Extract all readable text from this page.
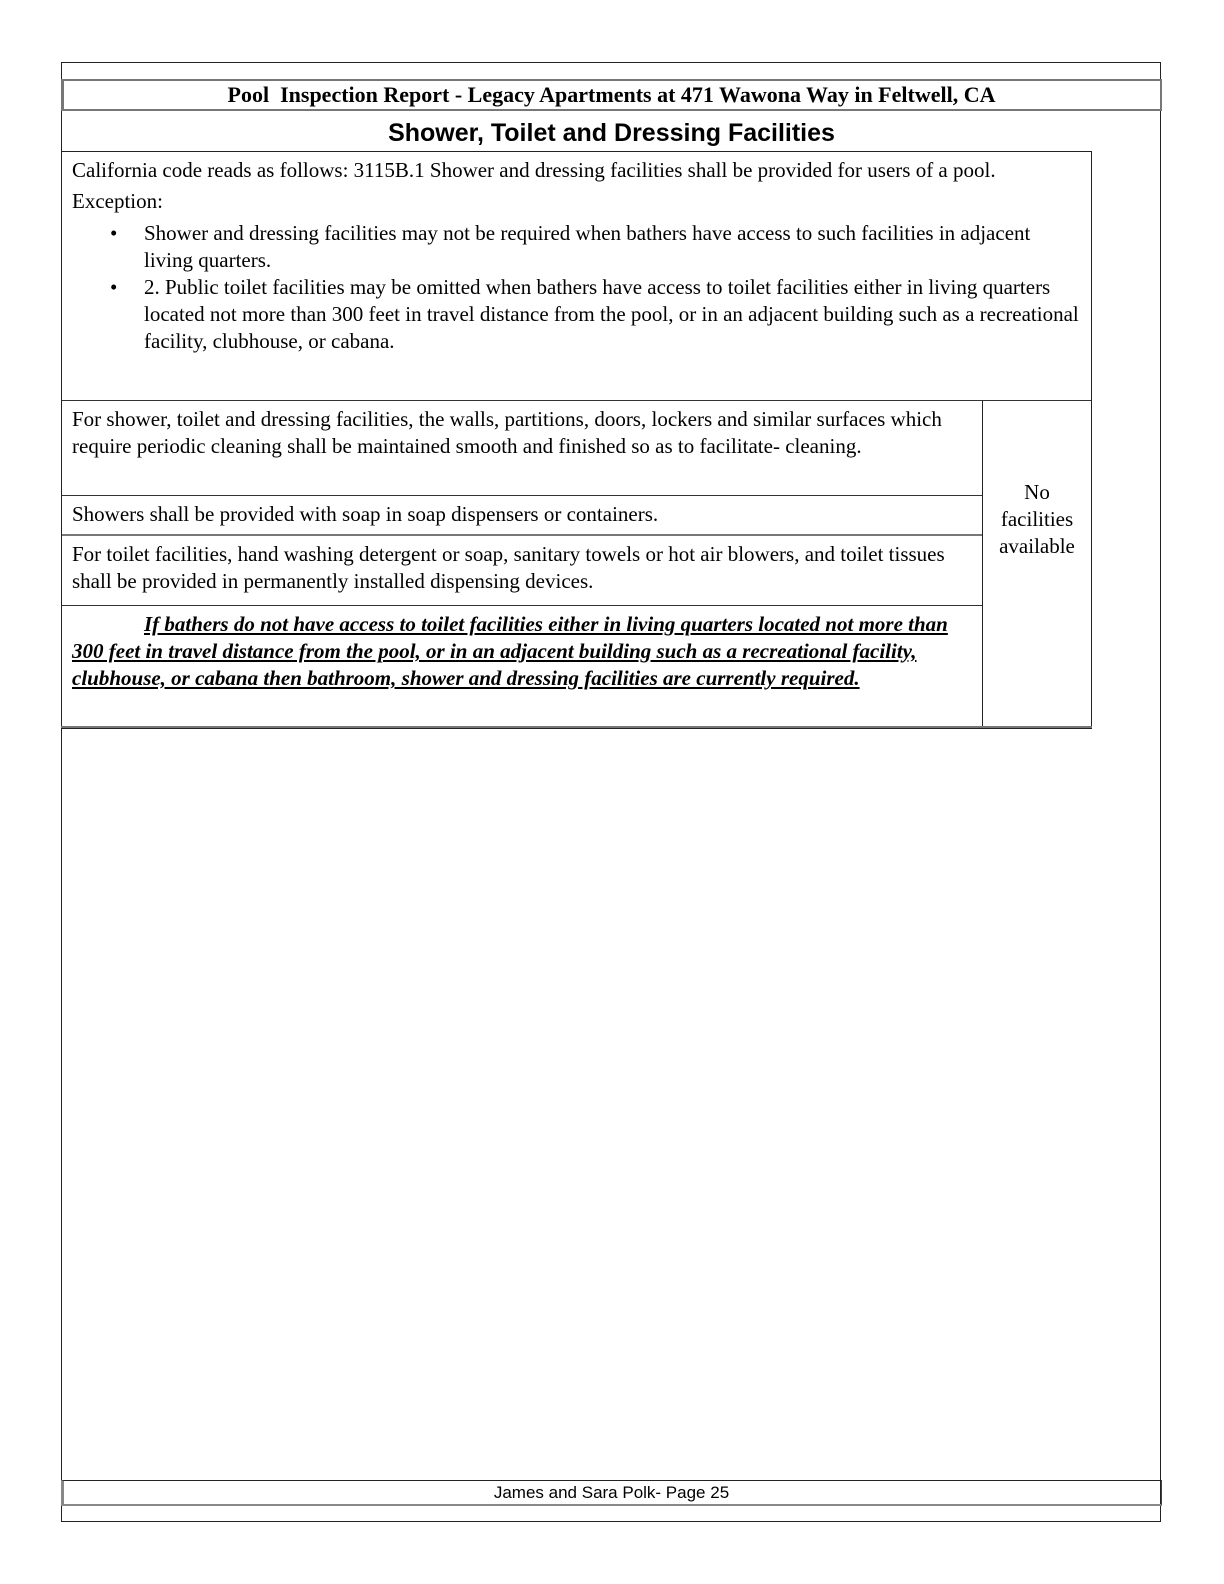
Pool  Inspection Report - Legacy Apartments at 471 Wawona Way in Feltwell, CA
Shower, Toilet and Dressing Facilities

California code reads as follows: 3115B.1 Shower and dressing facilities shall be provided for users of a pool.

Exception:

• Shower and dressing facilities may not be required when bathers have access to such facilities in adjacent living quarters.
• 2. Public toilet facilities may be omitted when bathers have access to toilet facilities either in living quarters located not more than 300 feet in travel distance from the pool, or in an adjacent building such as a recreational facility, clubhouse, or cabana.
For shower, toilet and dressing facilities, the walls, partitions, doors, lockers and similar surfaces which require periodic cleaning shall be maintained smooth and finished so as to facilitate- cleaning.
Showers shall be provided with soap in soap dispensers or containers.
For toilet facilities, hand washing detergent or soap, sanitary towels or hot air blowers, and toilet tissues shall be provided in permanently installed dispensing devices.
If bathers do not have access to toilet facilities either in living quarters located not more than 300 feet in travel distance from the pool, or in an adjacent building such as a recreational facility, clubhouse, or cabana then bathroom, shower and dressing facilities are currently required.
No facilities available
James and Sara Polk- Page 25
